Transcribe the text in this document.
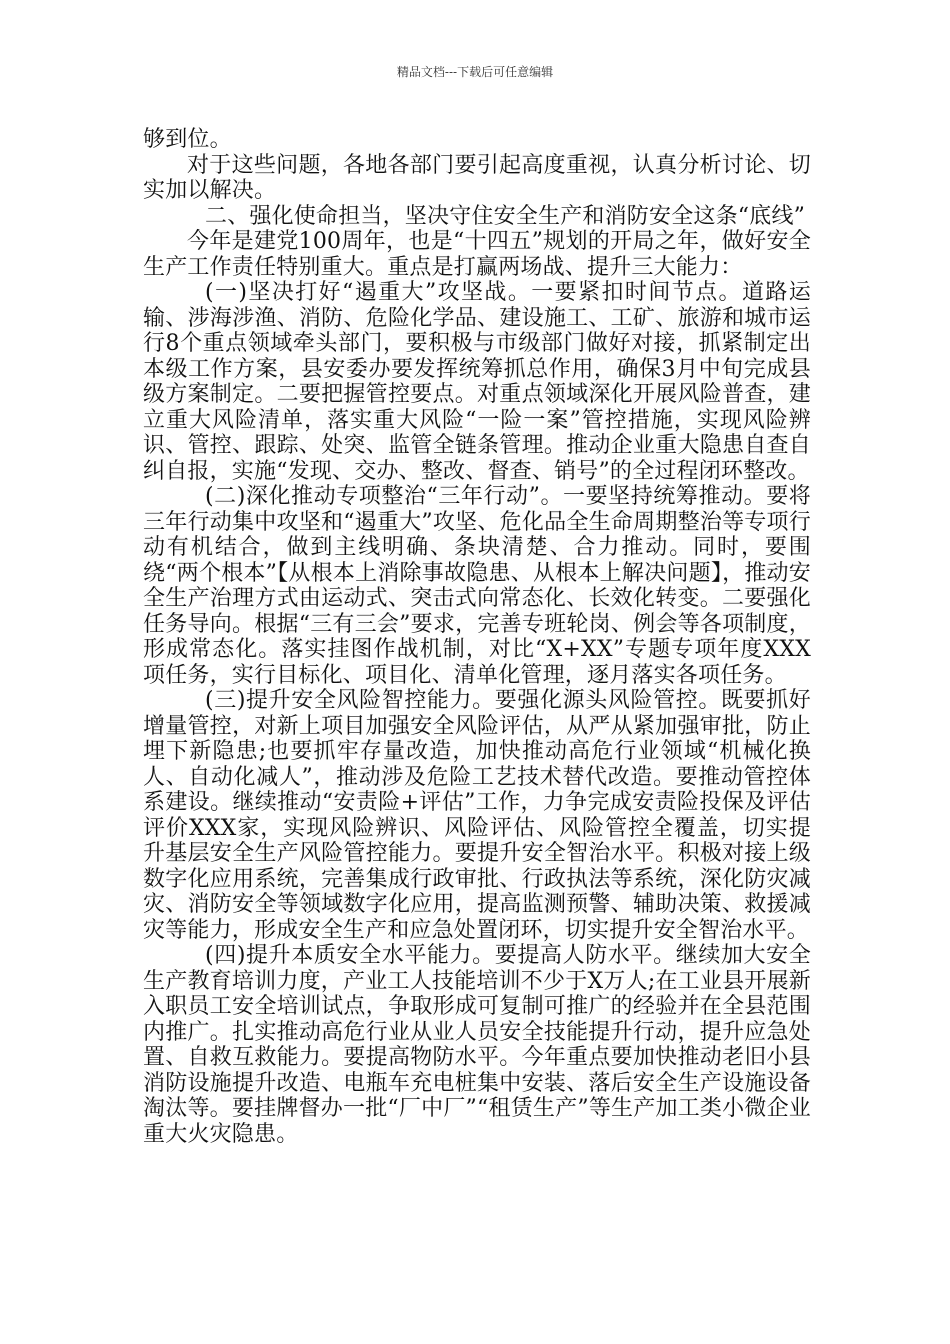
精品文档---下载后可任意编辑

够到位。

对于这些问题，各地各部门要引起高度重视，认真分析讨论、切实加以解决。

二、强化使命担当，坚决守住安全生产和消防安全这条“底线”

今年是建党100周年，也是“十四五”规划的开局之年，做好安全生产工作责任特别重大。重点是打赢两场战、提升三大能力：

(一)坚决打好“遏重大”攻坚战。一要紧扣时间节点。道路运输、涉海涉渔、消防、危险化学品、建设施工、工矿、旅游和城市运行8个重点领域牵头部门，要积极与市级部门做好对接，抓紧制定出本级工作方案，县安委办要发挥统筹抓总作用，确保3月中旬完成县级方案制定。二要把握管控要点。对重点领域深化开展风险普查，建立重大风险清单，落实重大风险“一险一案”管控措施，实现风险辨识、管控、跟踪、处突、监管全链条管理。推动企业重大隐患自查自纠自报，实施“发现、交办、整改、督查、销号”的全过程闭环整改。

(二)深化推动专项整治“三年行动”。一要坚持统筹推动。要将三年行动集中攻坚和“遏重大”攻坚、危化品全生命周期整治等专项行动有机结合，做到主线明确、条块清楚、合力推动。同时，要围绕“两个根本”【从根本上消除事故隐患、从根本上解决问题】，推动安全生产治理方式由运动式、突击式向常态化、长效化转变。二要强化任务导向。根据“三有三会”要求，完善专班轮岗、例会等各项制度，形成常态化。落实挂图作战机制，对比“X+XX”专题专项年度XXX项任务，实行目标化、项目化、清单化管理，逐月落实各项任务。

(三)提升安全风险智控能力。要强化源头风险管控。既要抓好增量管控，对新上项目加强安全风险评估，从严从紧加强审批，防止埋下新隐患;也要抓牢存量改造，加快推动高危行业领域“机械化换人、自动化减人”，推动涉及危险工艺技术替代改造。要推动管控体系建设。继续推动“安责险+评估”工作，力争完成安责险投保及评估评价XXX家，实现风险辨识、风险评估、风险管控全覆盖，切实提升基层安全生产风险管控能力。要提升安全智治水平。积极对接上级数字化应用系统，完善集成行政审批、行政执法等系统，深化防灾减灾、消防安全等领域数字化应用，提高监测预警、辅助决策、救援减灾等能力，形成安全生产和应急处置闭环，切实提升安全智治水平。

(四)提升本质安全水平能力。要提高人防水平。继续加大安全生产教育培训力度，产业工人技能培训不少于X万人;在工业县开展新入职员工安全培训试点，争取形成可复制可推广的经验并在全县范围内推广。扎实推动高危行业从业人员安全技能提升行动，提升应急处置、自救互救能力。要提高物防水平。今年重点要加快推动老旧小县消防设施提升改造、电瓶车充电桩集中安装、落后安全生产设施设备淘汰等。要挂牌督办一批“厂中厂”“租赁生产”等生产加工类小微企业重大火灾隐患。
